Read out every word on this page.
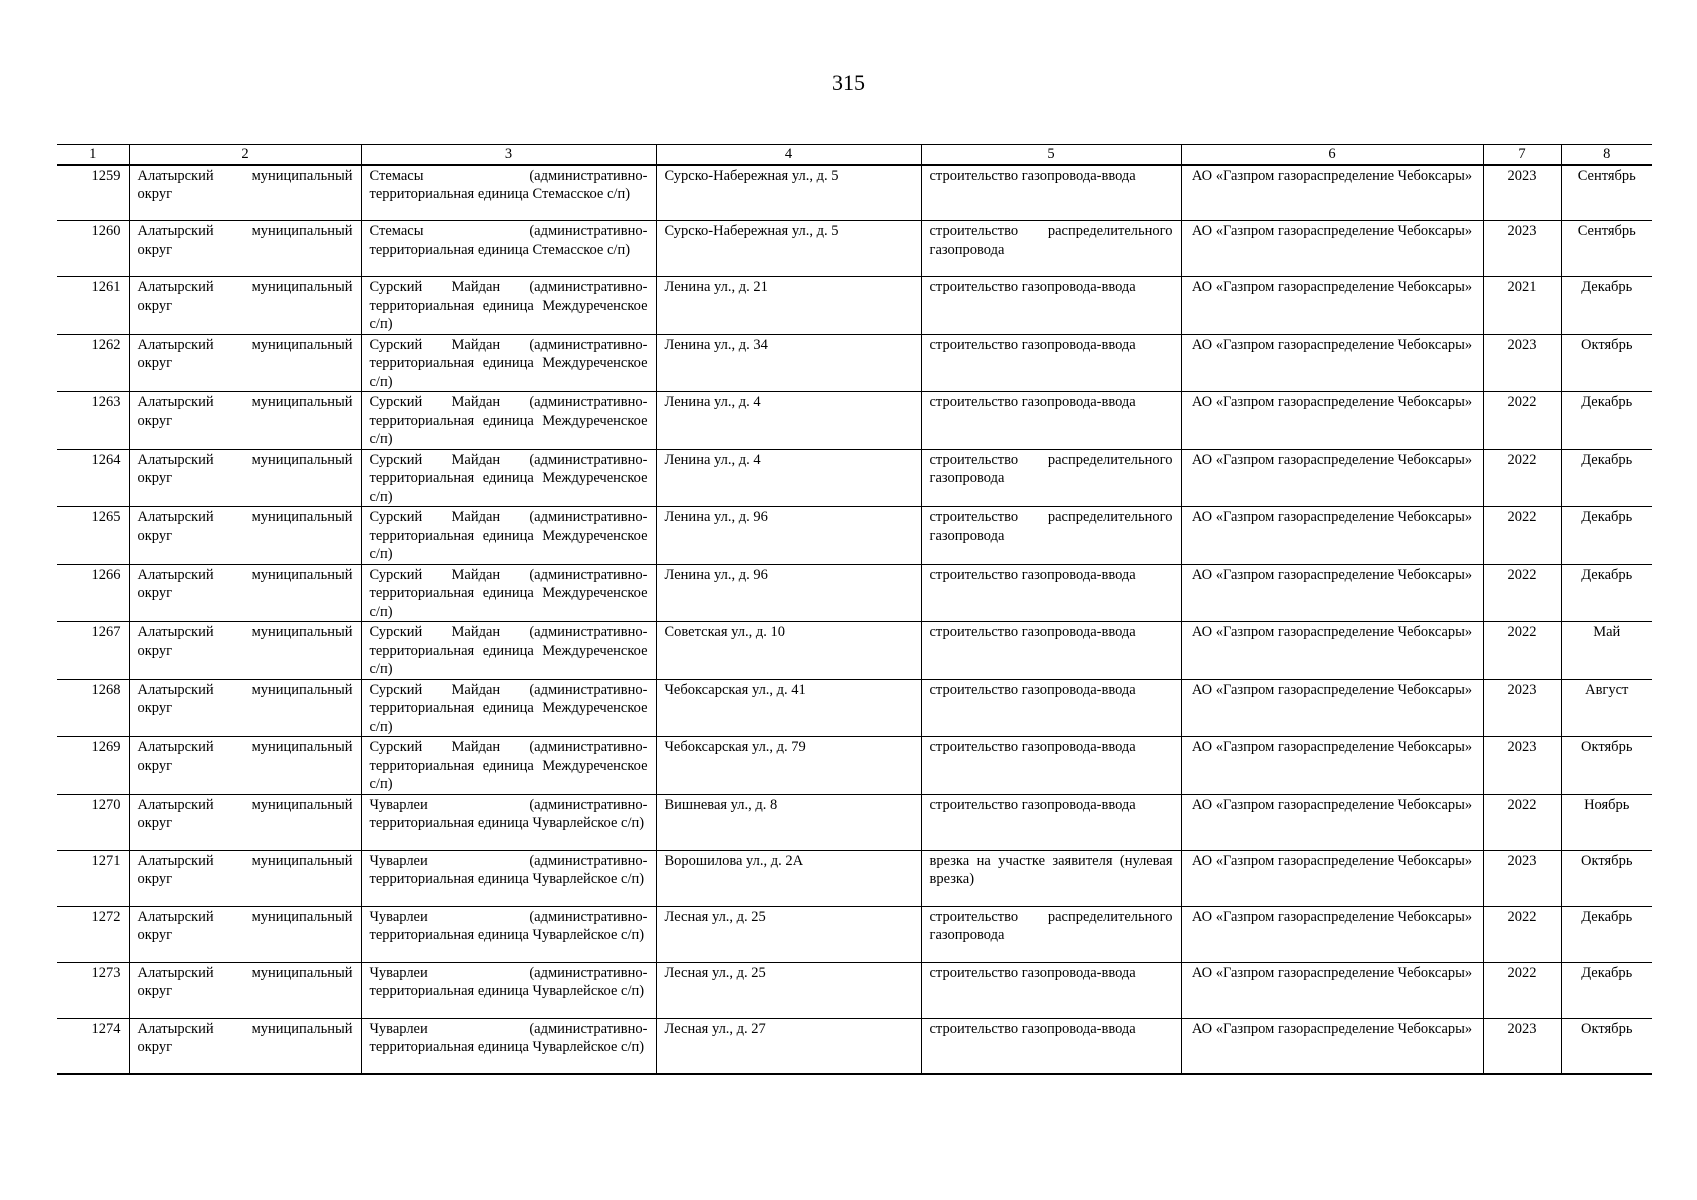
315
1	2	3	4	5	6	7	8
1259	Алатырский муниципальный округ	Стемасы (административно-территориальная единица Стемасское с/п)	Сурско-Набережная ул., д. 5	строительство газопровода-ввода	АО «Газпром газораспределение Чебоксары»	2023	Сентябрь
1260	Алатырский муниципальный округ	Стемасы (административно-территориальная единица Стемасское с/п)	Сурско-Набережная ул., д. 5	строительство распределительного газопровода	АО «Газпром газораспределение Чебоксары»	2023	Сентябрь
1261	Алатырский муниципальный округ	Сурский Майдан (административно-территориальная единица Междуреченское с/п)	Ленина ул., д. 21	строительство газопровода-ввода	АО «Газпром газораспределение Чебоксары»	2021	Декабрь
1262	Алатырский муниципальный округ	Сурский Майдан (административно-территориальная единица Междуреченское с/п)	Ленина ул., д. 34	строительство газопровода-ввода	АО «Газпром газораспределение Чебоксары»	2023	Октябрь
1263	Алатырский муниципальный округ	Сурский Майдан (административно-территориальная единица Междуреченское с/п)	Ленина ул., д. 4	строительство газопровода-ввода	АО «Газпром газораспределение Чебоксары»	2022	Декабрь
1264	Алатырский муниципальный округ	Сурский Майдан (административно-территориальная единица Междуреченское с/п)	Ленина ул., д. 4	строительство распределительного газопровода	АО «Газпром газораспределение Чебоксары»	2022	Декабрь
1265	Алатырский муниципальный округ	Сурский Майдан (административно-территориальная единица Междуреченское с/п)	Ленина ул., д. 96	строительство распределительного газопровода	АО «Газпром газораспределение Чебоксары»	2022	Декабрь
1266	Алатырский муниципальный округ	Сурский Майдан (административно-территориальная единица Междуреченское с/п)	Ленина ул., д. 96	строительство газопровода-ввода	АО «Газпром газораспределение Чебоксары»	2022	Декабрь
1267	Алатырский муниципальный округ	Сурский Майдан (административно-территориальная единица Междуреченское с/п)	Советская ул., д. 10	строительство газопровода-ввода	АО «Газпром газораспределение Чебоксары»	2022	Май
1268	Алатырский муниципальный округ	Сурский Майдан (административно-территориальная единица Междуреченское с/п)	Чебоксарская ул., д. 41	строительство газопровода-ввода	АО «Газпром газораспределение Чебоксары»	2023	Август
1269	Алатырский муниципальный округ	Сурский Майдан (административно-территориальная единица Междуреченское с/п)	Чебоксарская ул., д. 79	строительство газопровода-ввода	АО «Газпром газораспределение Чебоксары»	2023	Октябрь
1270	Алатырский муниципальный округ	Чуварлеи (административно-территориальная единица Чуварлейское с/п)	Вишневая ул., д. 8	строительство газопровода-ввода	АО «Газпром газораспределение Чебоксары»	2022	Ноябрь
1271	Алатырский муниципальный округ	Чуварлеи (административно-территориальная единица Чуварлейское с/п)	Ворошилова ул., д. 2А	врезка на участке заявителя (нулевая врезка)	АО «Газпром газораспределение Чебоксары»	2023	Октябрь
1272	Алатырский муниципальный округ	Чуварлеи (административно-территориальная единица Чуварлейское с/п)	Лесная ул., д. 25	строительство распределительного газопровода	АО «Газпром газораспределение Чебоксары»	2022	Декабрь
1273	Алатырский муниципальный округ	Чуварлеи (административно-территориальная единица Чуварлейское с/п)	Лесная ул., д. 25	строительство газопровода-ввода	АО «Газпром газораспределение Чебоксары»	2022	Декабрь
1274	Алатырский муниципальный округ	Чуварлеи (административно-территориальная единица Чуварлейское с/п)	Лесная ул., д. 27	строительство газопровода-ввода	АО «Газпром газораспределение Чебоксары»	2023	Октябрь
